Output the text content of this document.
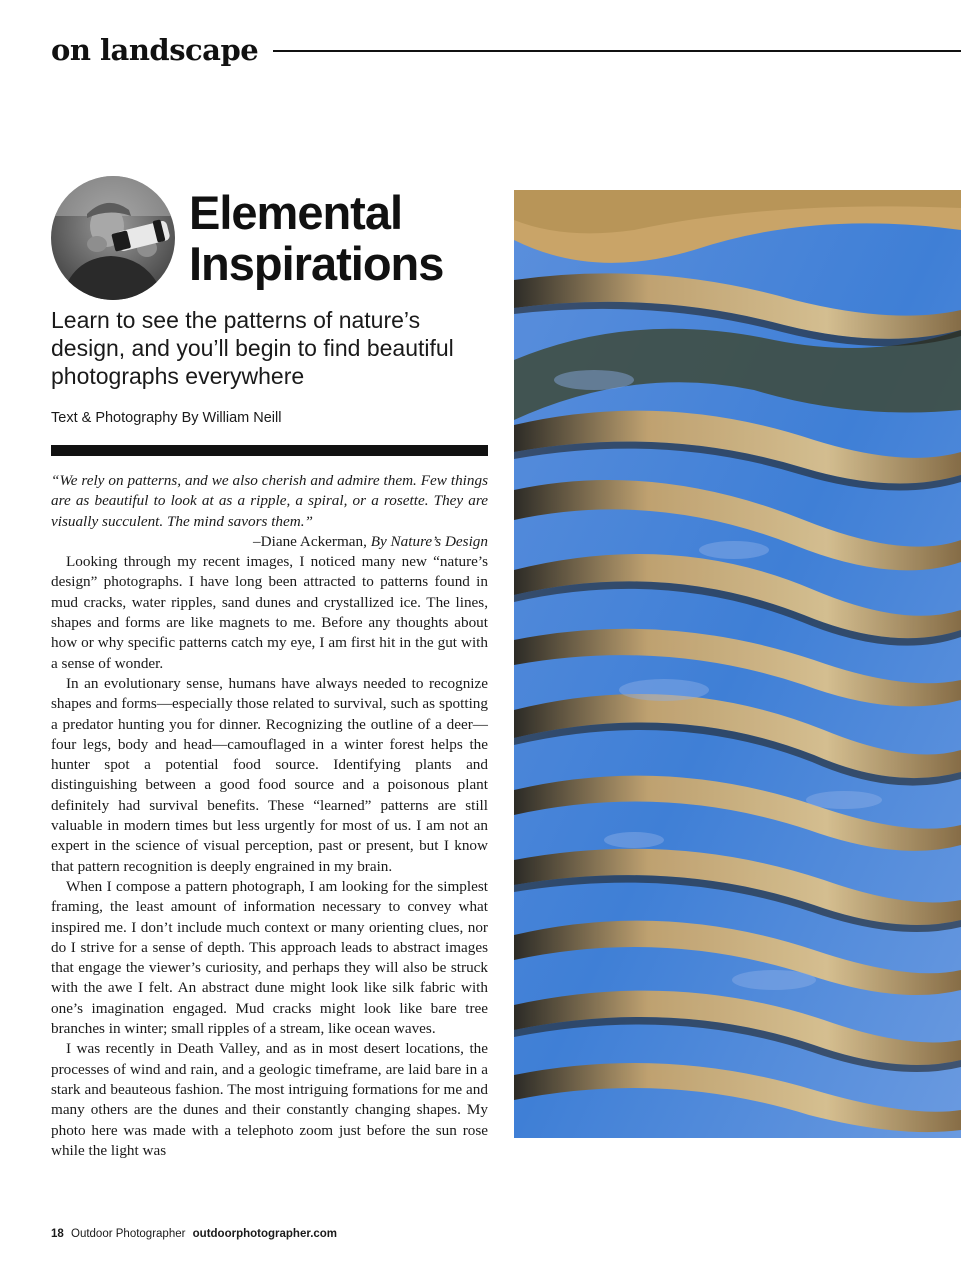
on landscape
Elemental
Inspirations
Learn to see the patterns of nature’s design, and you’ll begin to find beautiful photographs everywhere
Text & Photography By William Neill

“We rely on patterns, and we also cherish and admire them. Few things are as beautiful to look at as a ripple, a spiral, or a rosette. They are visually succulent. The mind savors them.”

–Diane Ackerman, By Nature’s Design

Looking through my recent images, I noticed many new “nature’s design” photographs. I have long been attracted to patterns found in mud cracks, water ripples, sand dunes and crystallized ice. The lines, shapes and forms are like magnets to me. Before any thoughts about how or why specific patterns catch my eye, I am first hit in the gut with a sense of wonder.

In an evolutionary sense, humans have always needed to recognize shapes and forms—especially those related to survival, such as spotting a predator hunting you for dinner. Recognizing the outline of a deer—four legs, body and head—camouflaged in a winter forest helps the hunter spot a potential food source. Identifying plants and distinguishing between a good food source and a poisonous plant definitely had survival benefits. These “learned” patterns are still valuable in modern times but less urgently for most of us. I am not an expert in the science of visual perception, past or present, but I know that pattern recognition is deeply engrained in my brain.

When I compose a pattern photograph, I am looking for the simplest framing, the least amount of information necessary to convey what inspired me. I don’t include much context or many orienting clues, nor do I strive for a sense of depth. This approach leads to abstract images that engage the viewer’s curiosity, and perhaps they will also be struck with the awe I felt. An abstract dune might look like silk fabric with one’s imagination engaged. Mud cracks might look like bare tree branches in winter; small ripples of a stream, like ocean waves.

I was recently in Death Valley, and as in most desert locations, the processes of wind and rain, and a geologic timeframe, are laid bare in a stark and beauteous fashion. The most intriguing formations for me and many others are the dunes and their constantly changing shapes. My photo here was made with a telephoto zoom just before the sun rose while the light was

18 Outdoor Photographer outdoorphotographer.com
